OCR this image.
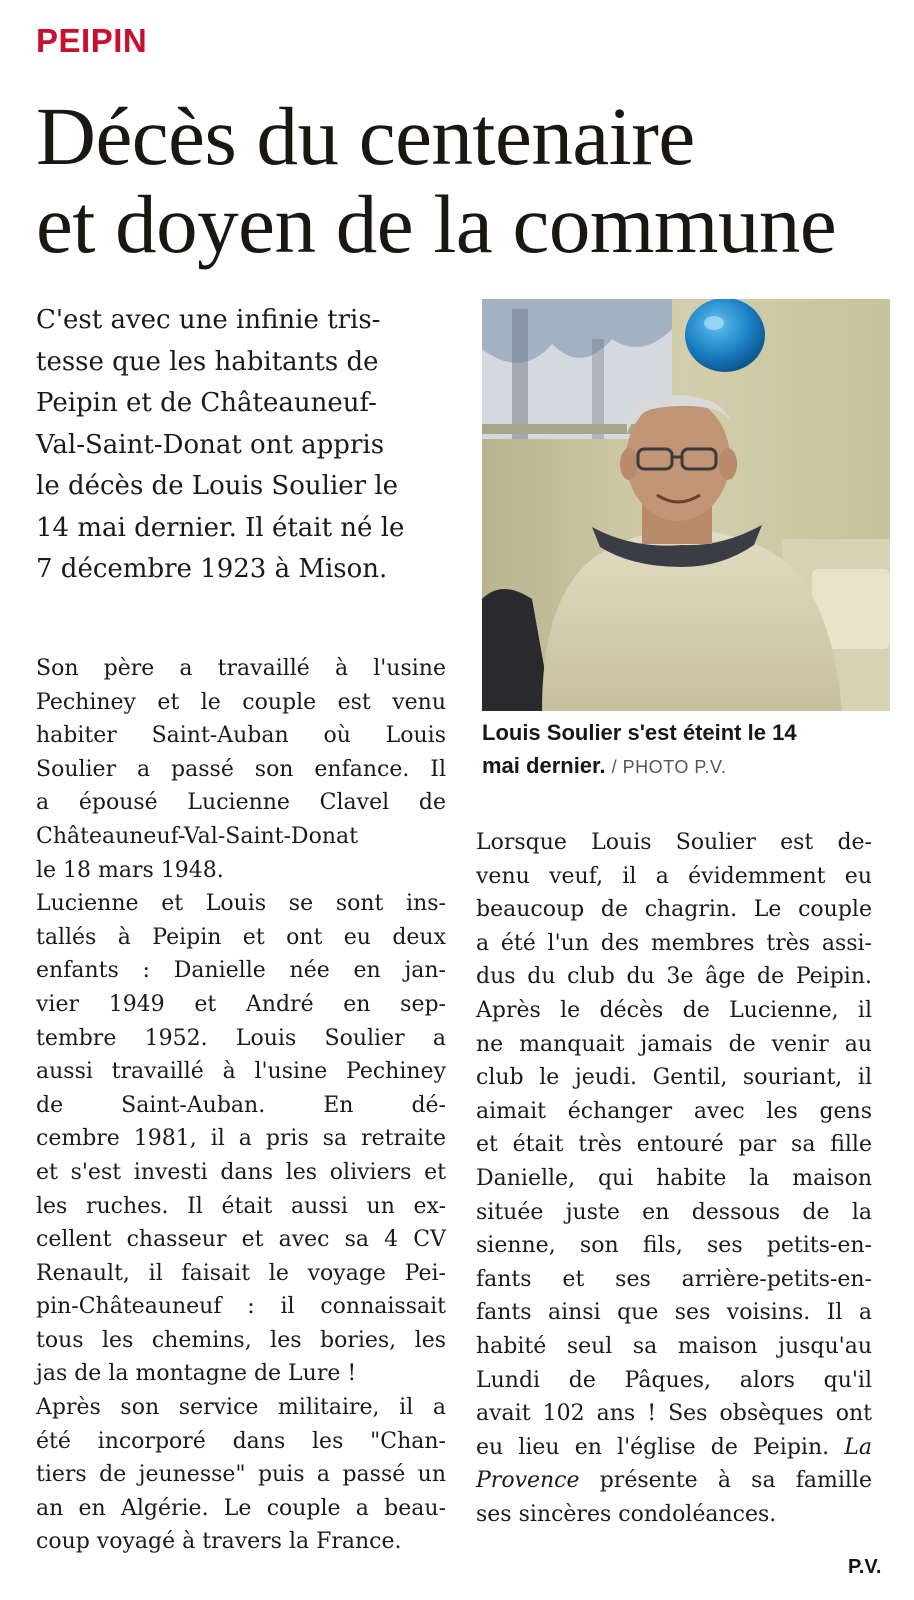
PEIPIN
Décès du centenaire
et doyen de la commune
C'est avec une infinie tris-
tesse que les habitants de
Peipin et de Châteauneuf-
Val-Saint-Donat ont appris
le décès de Louis Soulier le
14 mai dernier. Il était né le
7 décembre 1923 à Mison.
Louis Soulier s'est éteint le 14
mai dernier. / PHOTO P.V.
Son père a travaillé à l'usine
Pechiney et le couple est venu
habiter Saint-Auban où Louis
Soulier a passé son enfance. Il
a épousé Lucienne Clavel de
Châteauneuf-Val-Saint-Donat
le 18 mars 1948.
Lucienne et Louis se sont ins-
tallés à Peipin et ont eu deux
enfants : Danielle née en jan-
vier 1949 et André en sep-
tembre 1952. Louis Soulier a
aussi travaillé à l'usine Pechiney
de Saint-Auban. En dé-
cembre 1981, il a pris sa retraite
et s'est investi dans les oliviers et
les ruches. Il était aussi un ex-
cellent chasseur et avec sa 4 CV
Renault, il faisait le voyage Pei-
pin-Châteauneuf : il connaissait
tous les chemins, les bories, les
jas de la montagne de Lure !
Après son service militaire, il a
été incorporé dans les "Chan-
tiers de jeunesse" puis a passé un
an en Algérie. Le couple a beau-
coup voyagé à travers la France.
Lorsque Louis Soulier est de-
venu veuf, il a évidemment eu
beaucoup de chagrin. Le couple
a été l'un des membres très assi-
dus du club du 3e âge de Peipin.
Après le décès de Lucienne, il
ne manquait jamais de venir au
club le jeudi. Gentil, souriant, il
aimait échanger avec les gens
et était très entouré par sa fille
Danielle, qui habite la maison
située juste en dessous de la
sienne, son fils, ses petits-en-
fants et ses arrière-petits-en-
fants ainsi que ses voisins. Il a
habité seul sa maison jusqu'au
Lundi de Pâques, alors qu'il
avait 102 ans ! Ses obsèques ont
eu lieu en l'église de Peipin. La
Provence présente à sa famille
ses sincères condoléances.
P.V.
